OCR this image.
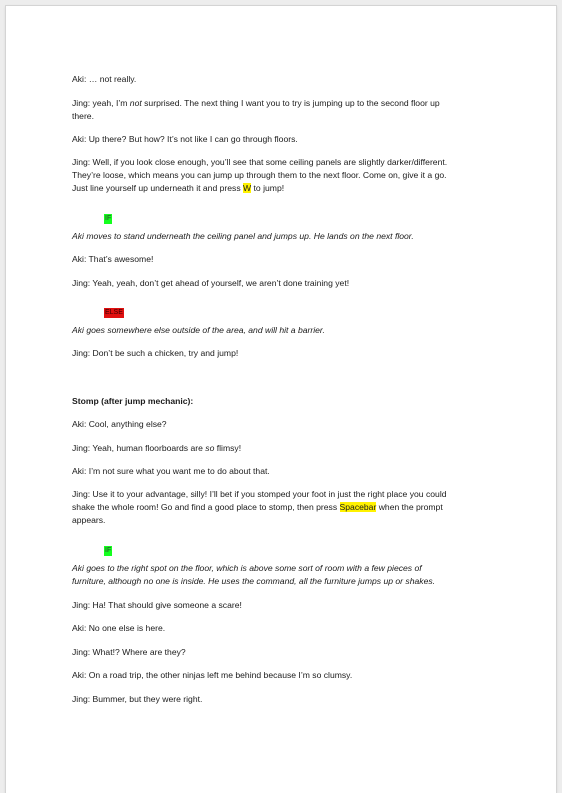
Aki: … not really.
Jing: yeah, I’m not surprised. The next thing I want you to try is jumping up to the second floor up
there.
Aki: Up there? But how? It’s not like I can go through floors.
Jing: Well, if you look close enough, you’ll see that some ceiling panels are slightly darker/different.
They’re loose, which means you can jump up through them to the next floor. Come on, give it a go.
Just line yourself up underneath it and press W to jump!
IF
Aki moves to stand underneath the ceiling panel and jumps up. He lands on the next floor.
Aki: That’s awesome!
Jing: Yeah, yeah, don’t get ahead of yourself, we aren’t done training yet!
ELSE
Aki goes somewhere else outside of the area, and will hit a barrier.
Jing: Don’t be such a chicken, try and jump!
Stomp (after jump mechanic):
Aki: Cool, anything else?
Jing: Yeah, human floorboards are so flimsy!
Aki: I’m not sure what you want me to do about that.
Jing: Use it to your advantage, silly! I’ll bet if you stomped your foot in just the right place you could
shake the whole room! Go and find a good place to stomp, then press Spacebar when the prompt
appears.
IF
Aki goes to the right spot on the floor, which is above some sort of room with a few pieces of
furniture, although no one is inside. He uses the command, all the furniture jumps up or shakes.
Jing: Ha! That should give someone a scare!
Aki: No one else is here.
Jing: What!? Where are they?
Aki: On a road trip, the other ninjas left me behind because I’m so clumsy.
Jing: Bummer, but they were right.
